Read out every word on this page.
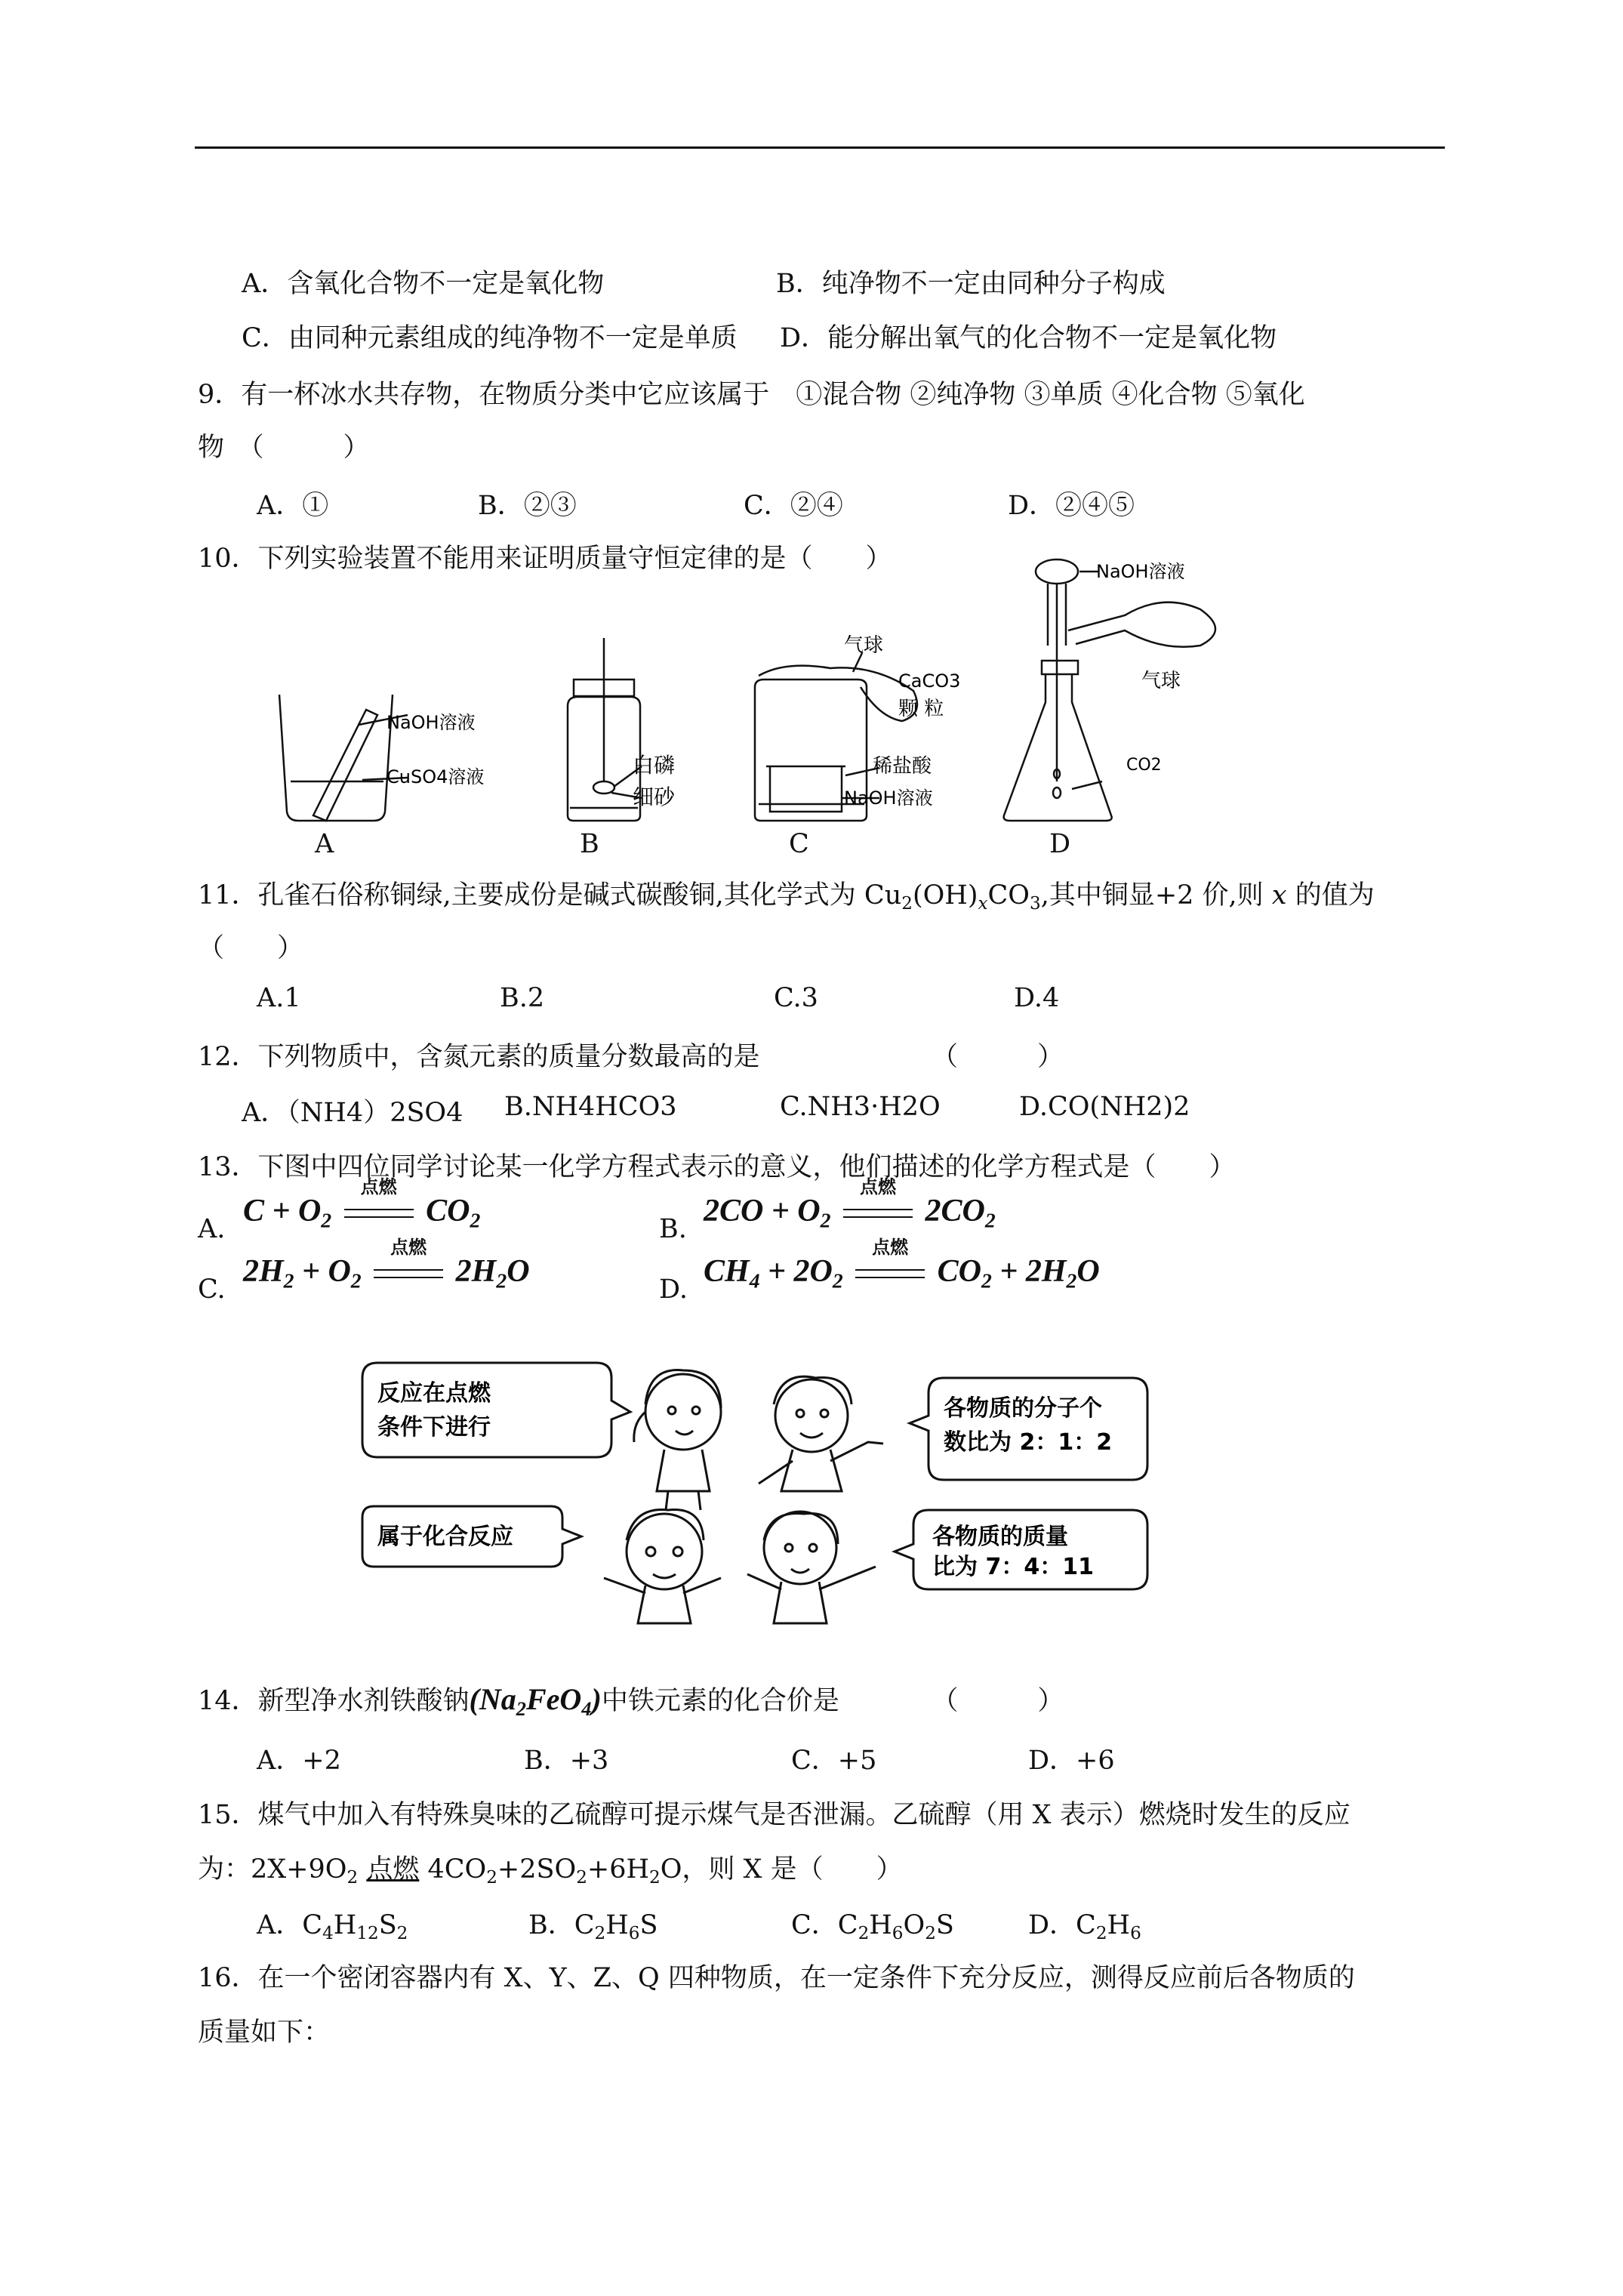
A．含氧化合物不一定是氧化物	B．纯净物不一定由同种分子构成
C．由同种元素组成的纯净物不一定是单质 D．能分解出氧气的化合物不一定是氧化物
9．有一杯冰水共存物，在物质分类中它应该属于　①混合物 ②纯净物 ③单质 ④化合物 ⑤氧化
物　（　　　）
A．①	B．②③	C．②④	D．②④⑤
10．下列实验装置不能用来证明质量守恒定律的是（　　）
NaOH溶液
CuSO4溶液	白磷
细砂
气球
CaCO3
颗 粒
稀盐酸
NaOH溶液
NaOH溶液
气球
CO2
A	B	C	D
11．孔雀石俗称铜绿,主要成份是碱式碳酸铜,其化学式为 $Cu_2(OH)_xCO_3$,其中铜显+2 价,则 x 的值为
（　　）
A.1	B.2	C.3	D.4
12．下列物质中，含氮元素的质量分数最高的是　　　　　　　（　　　）
A．（NH4）2SO4 B.NH4HCO3	C.NH3·H2O	D.CO(NH2)2
13．下图中四位同学讨论某一化学方程式表示的意义，他们描述的化学方程式是（　　）
A.
$C + O_2$
点燃
$CO_2$	B.
$2CO + O_2$
点燃
$2CO_2$
C.
$2H_2 + O_2$
点燃
$2H_2O$
D.
$CH_4 + 2O_2$
点燃
$CO_2 + 2H_2O$
反应在点燃
条件下进行
各物质的分子个
数比为 2：1：2
属于化合反应	各物质的质量
比为 7：4：11
14．新型净水剂铁酸钠$(Na_2FeO_4)$中铁元素的化合价是　　　　（　　　）
A．+2	B．+3	C．+5	D．+6
15．煤气中加入有特殊臭味的乙硫醇可提示煤气是否泄漏。乙硫醇（用 X 表示）燃烧时发生的反应
为：$2X+9O_2$ 点燃 $4CO_2+2SO_2+6H_2O$，则 X 是（　　）
A．$C_4H_{12}S_2$	B．$C_2H_6S$	C．$C_2H_6O_2S$	D．$C_2H_6$
16．在一个密闭容器内有 X、Y、Z、Q 四种物质，在一定条件下充分反应，测得反应前后各物质的
质量如下：
